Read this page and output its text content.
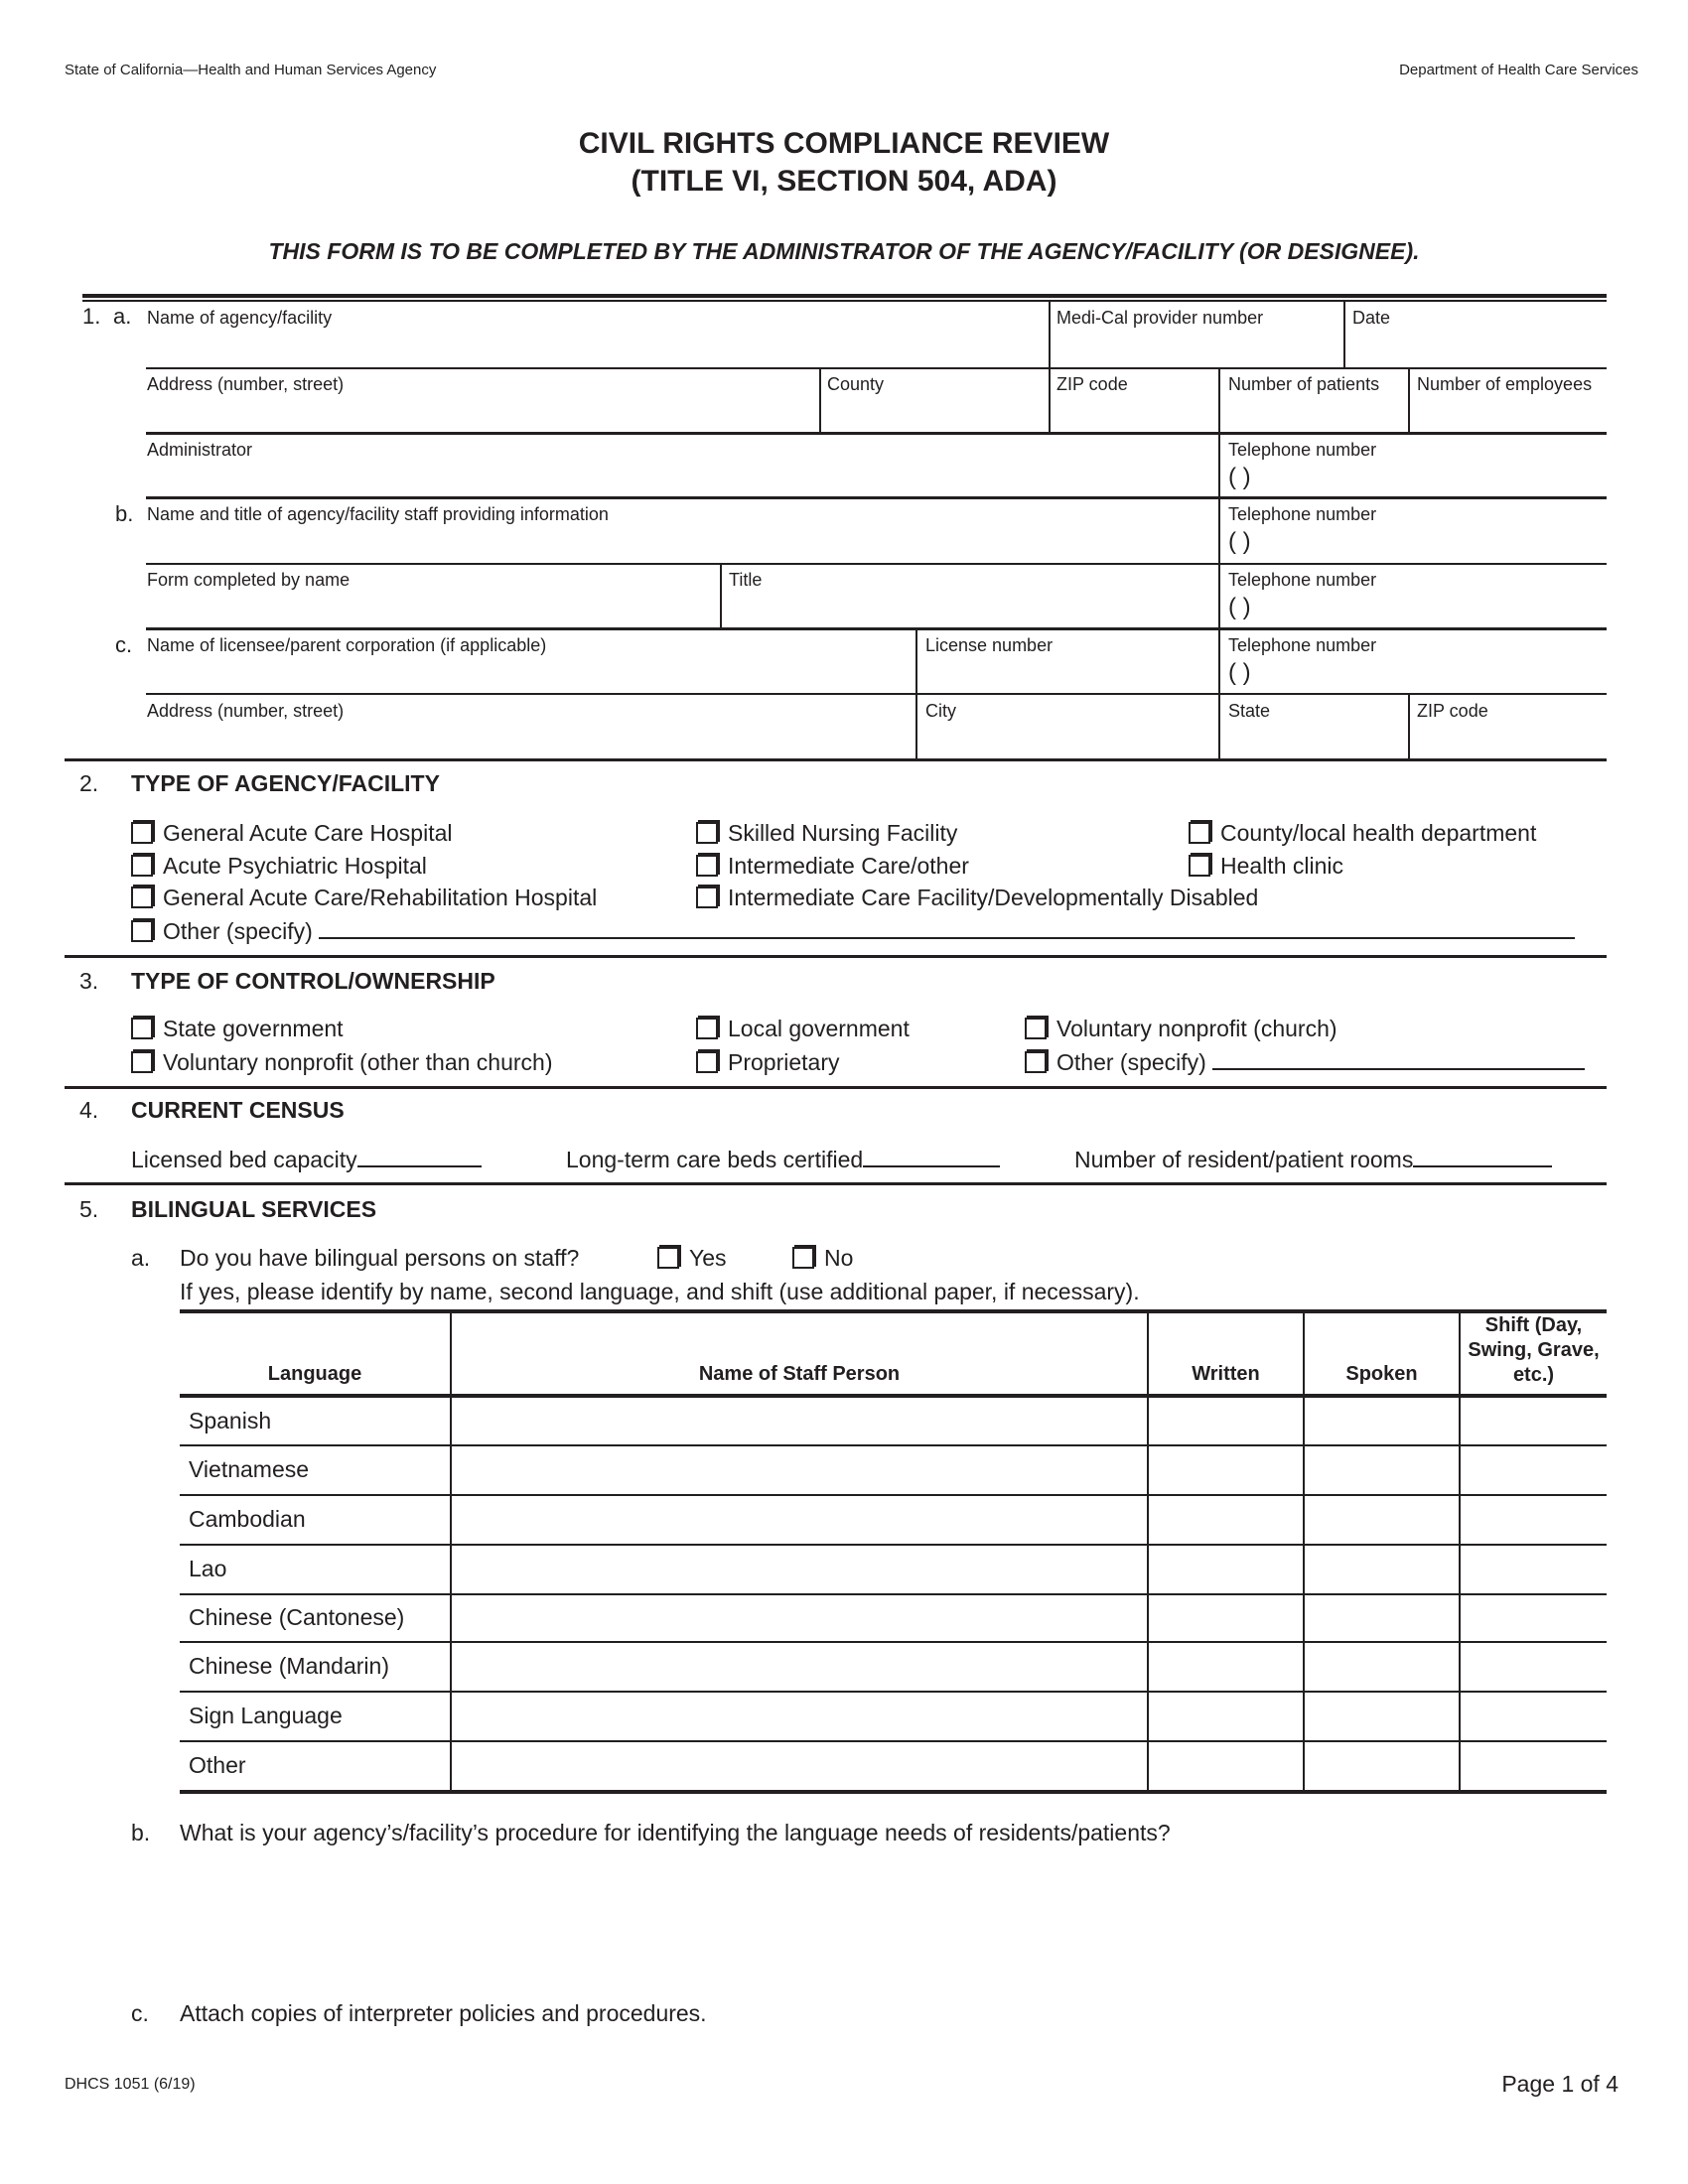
State of California—Health and Human Services Agency	Department of Health Care Services
CIVIL RIGHTS COMPLIANCE REVIEW
(TITLE VI, SECTION 504, ADA)
THIS FORM IS TO BE COMPLETED BY THE ADMINISTRATOR OF THE AGENCY/FACILITY (OR DESIGNEE).
1. a.
b.
c.
Name of agency/facility	Medi-Cal provider number	Date
Address (number, street)	County	ZIP code	Number of patients Number of employees
Administrator	Telephone number
( )
Name and title of agency/facility staff providing information	Telephone number
( )
Form completed by name	Title	Telephone number
( )
Name of licensee/parent corporation (if applicable)	License number	Telephone number
( )
Address (number, street)	City	State	ZIP code
2. TYPE OF AGENCY/FACILITY
General Acute Care Hospital
Acute Psychiatric Hospital
General Acute Care/Rehabilitation Hospital
Other (specify)
Skilled Nursing Facility
Intermediate Care/other
Intermediate Care Facility/Developmentally Disabled
County/local health department
Health clinic
3. TYPE OF CONTROL/OWNERSHIP
State government
Voluntary nonprofit (other than church)
Local government
Proprietary
Voluntary nonprofit (church)
Other (specify)
4. CURRENT CENSUS
Licensed bed capacity	Long-term care beds certified	Number of resident/patient rooms
5. BILINGUAL SERVICES
a. Do you have bilingual persons on staff?	Yes	No
If yes, please identify by name, second language, and shift (use additional paper, if necessary).
Language	Name of Staff Person	Written	Spoken
Shift (Day, Swing, Grave, etc.)
Spanish
Vietnamese
Cambodian
Lao
Chinese (Cantonese)
Chinese (Mandarin)
Sign Language
Other
b. What is your agency’s/facility’s procedure for identifying the language needs of residents/patients?
c. Attach copies of interpreter policies and procedures.
DHCS 1051 (6/19)	Page 1 of 4
